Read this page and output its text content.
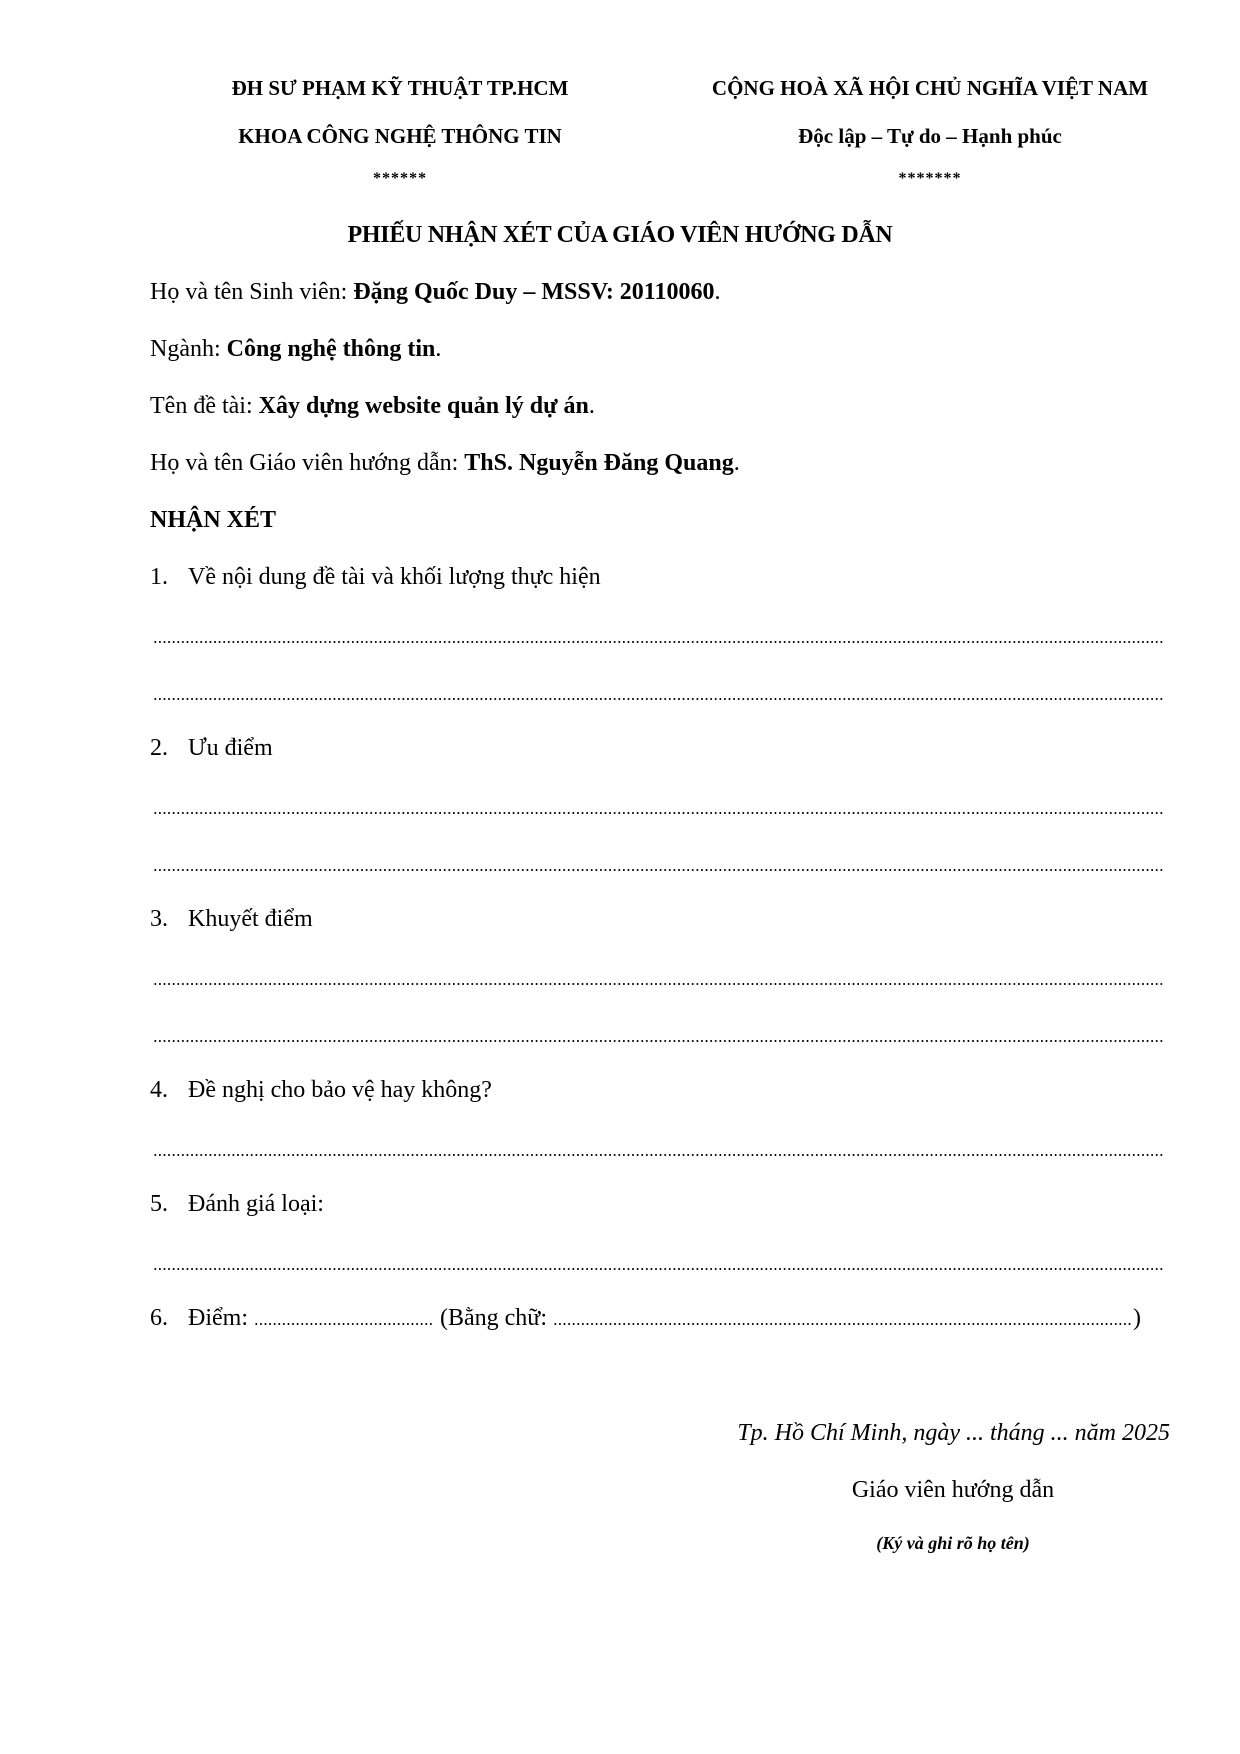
ĐH SƯ PHẠM KỸ THUẬT TP.HCM
KHOA CÔNG NGHỆ THÔNG TIN
******
CỘNG HOÀ XÃ HỘI CHỦ NGHĨA VIỆT NAM
Độc lập – Tự do – Hạnh phúc
*******
PHIẾU NHẬN XÉT CỦA GIÁO VIÊN HƯỚNG DẪN
Họ và tên Sinh viên: Đặng Quốc Duy – MSSV: 20110060.
Ngành: Công nghệ thông tin.
Tên đề tài: Xây dựng website quản lý dự án.
Họ và tên Giáo viên hướng dẫn: ThS. Nguyễn Đăng Quang.
NHẬN XÉT
1. Về nội dung đề tài và khối lượng thực hiện
2. Ưu điểm
3. Khuyết điểm
4. Đề nghị cho bảo vệ hay không?
5. Đánh giá loại:
6. Điểm:	(Bằng chữ:	)
Tp. Hồ Chí Minh, ngày ... tháng ... năm 2025
Giáo viên hướng dẫn
(Ký và ghi rõ họ tên)
